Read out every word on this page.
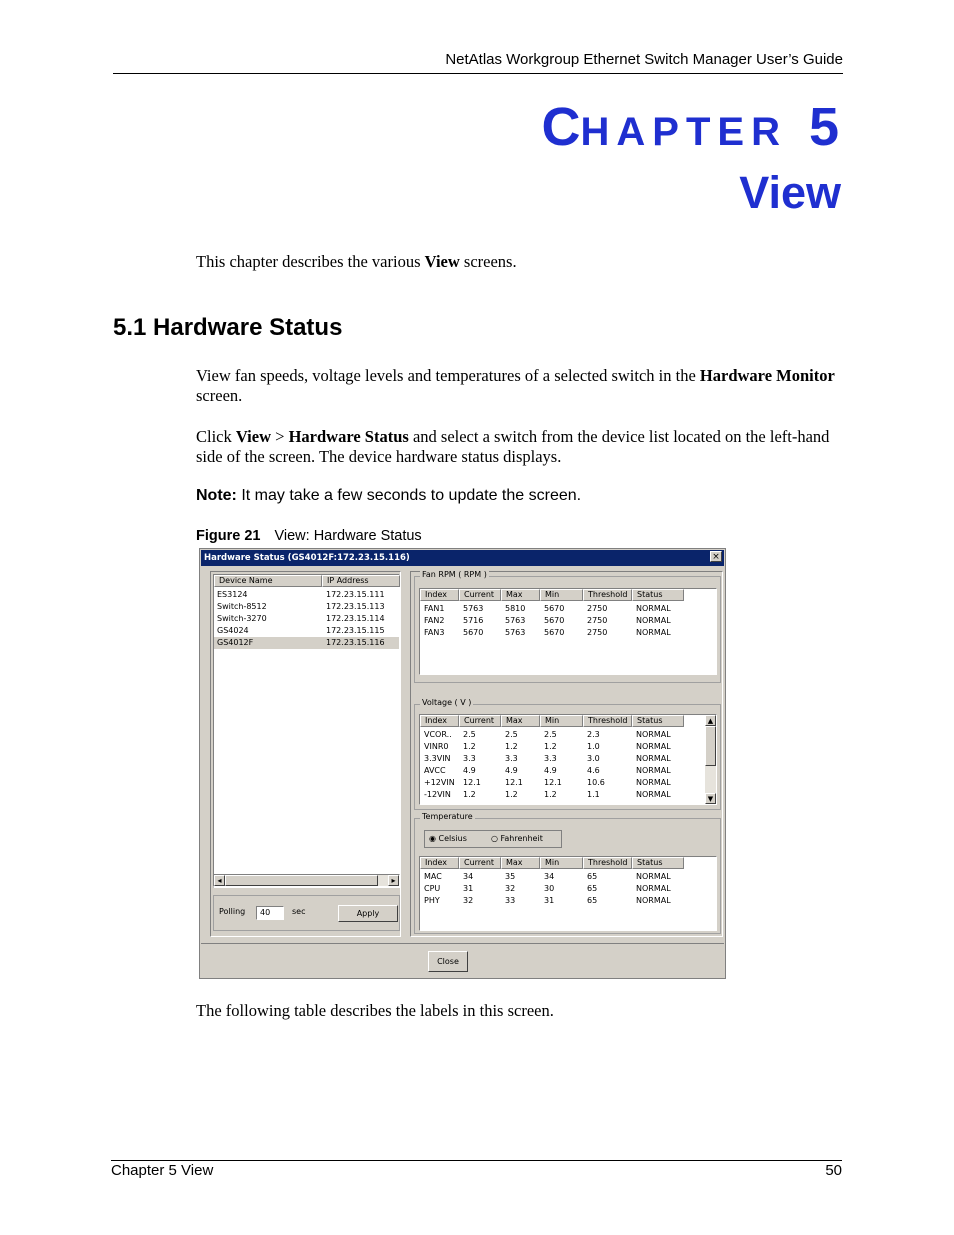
NetAtlas Workgroup Ethernet Switch Manager User’s Guide
CHAPTER 5
View
This chapter describes the various View screens.
5.1 Hardware Status
View fan speeds, voltage levels and temperatures of a selected switch in the Hardware Monitor screen.
Click View > Hardware Status and select a switch from the device list located on the left-hand side of the screen. The device hardware status displays.
Note: It may take a few seconds to update the screen.
Figure 21 View: Hardware Status
Hardware Status (GS4012F:172.23.15.116)	×
Device Name	IP Address
ES3124	172.23.15.111
Switch-8512	172.23.15.113
Switch-3270	172.23.15.114
GS4024	172.23.15.115
GS4012F	172.23.15.116
◂	▸
Polling	40	sec	Apply
Fan RPM ( RPM )
Index	Current	Max	Min	Threshold	Status
FAN1 5763	5810 5670	2750	NORMAL
FAN2 5716	5763 5670	2750	NORMAL
FAN3 5670	5763 5670	2750	NORMAL
Voltage ( V )
Index	Current	Max	Min	Threshold	Status
VCOR.. 2.5	2.5	2.5	2.3	NORMAL
VINR0 1.2	1.2	1.2	1.0	NORMAL
3.3VIN 3.3	3.3	3.3	3.0	NORMAL
AVCC 4.9	4.9	4.9	4.6	NORMAL
+12VIN 12.1	12.1	12.1	10.6	NORMAL
-12VIN 1.2	1.2	1.2	1.1	NORMAL
▲
▼
Temperature
◉ Celsius	○ Fahrenheit
Index	Current	Max	Min	Threshold	Status
MAC	34	35	34	65	NORMAL
CPU	31	32	30	65	NORMAL
PHY	32	33	31	65	NORMAL
Close
The following table describes the labels in this screen.
Chapter 5 View	50
